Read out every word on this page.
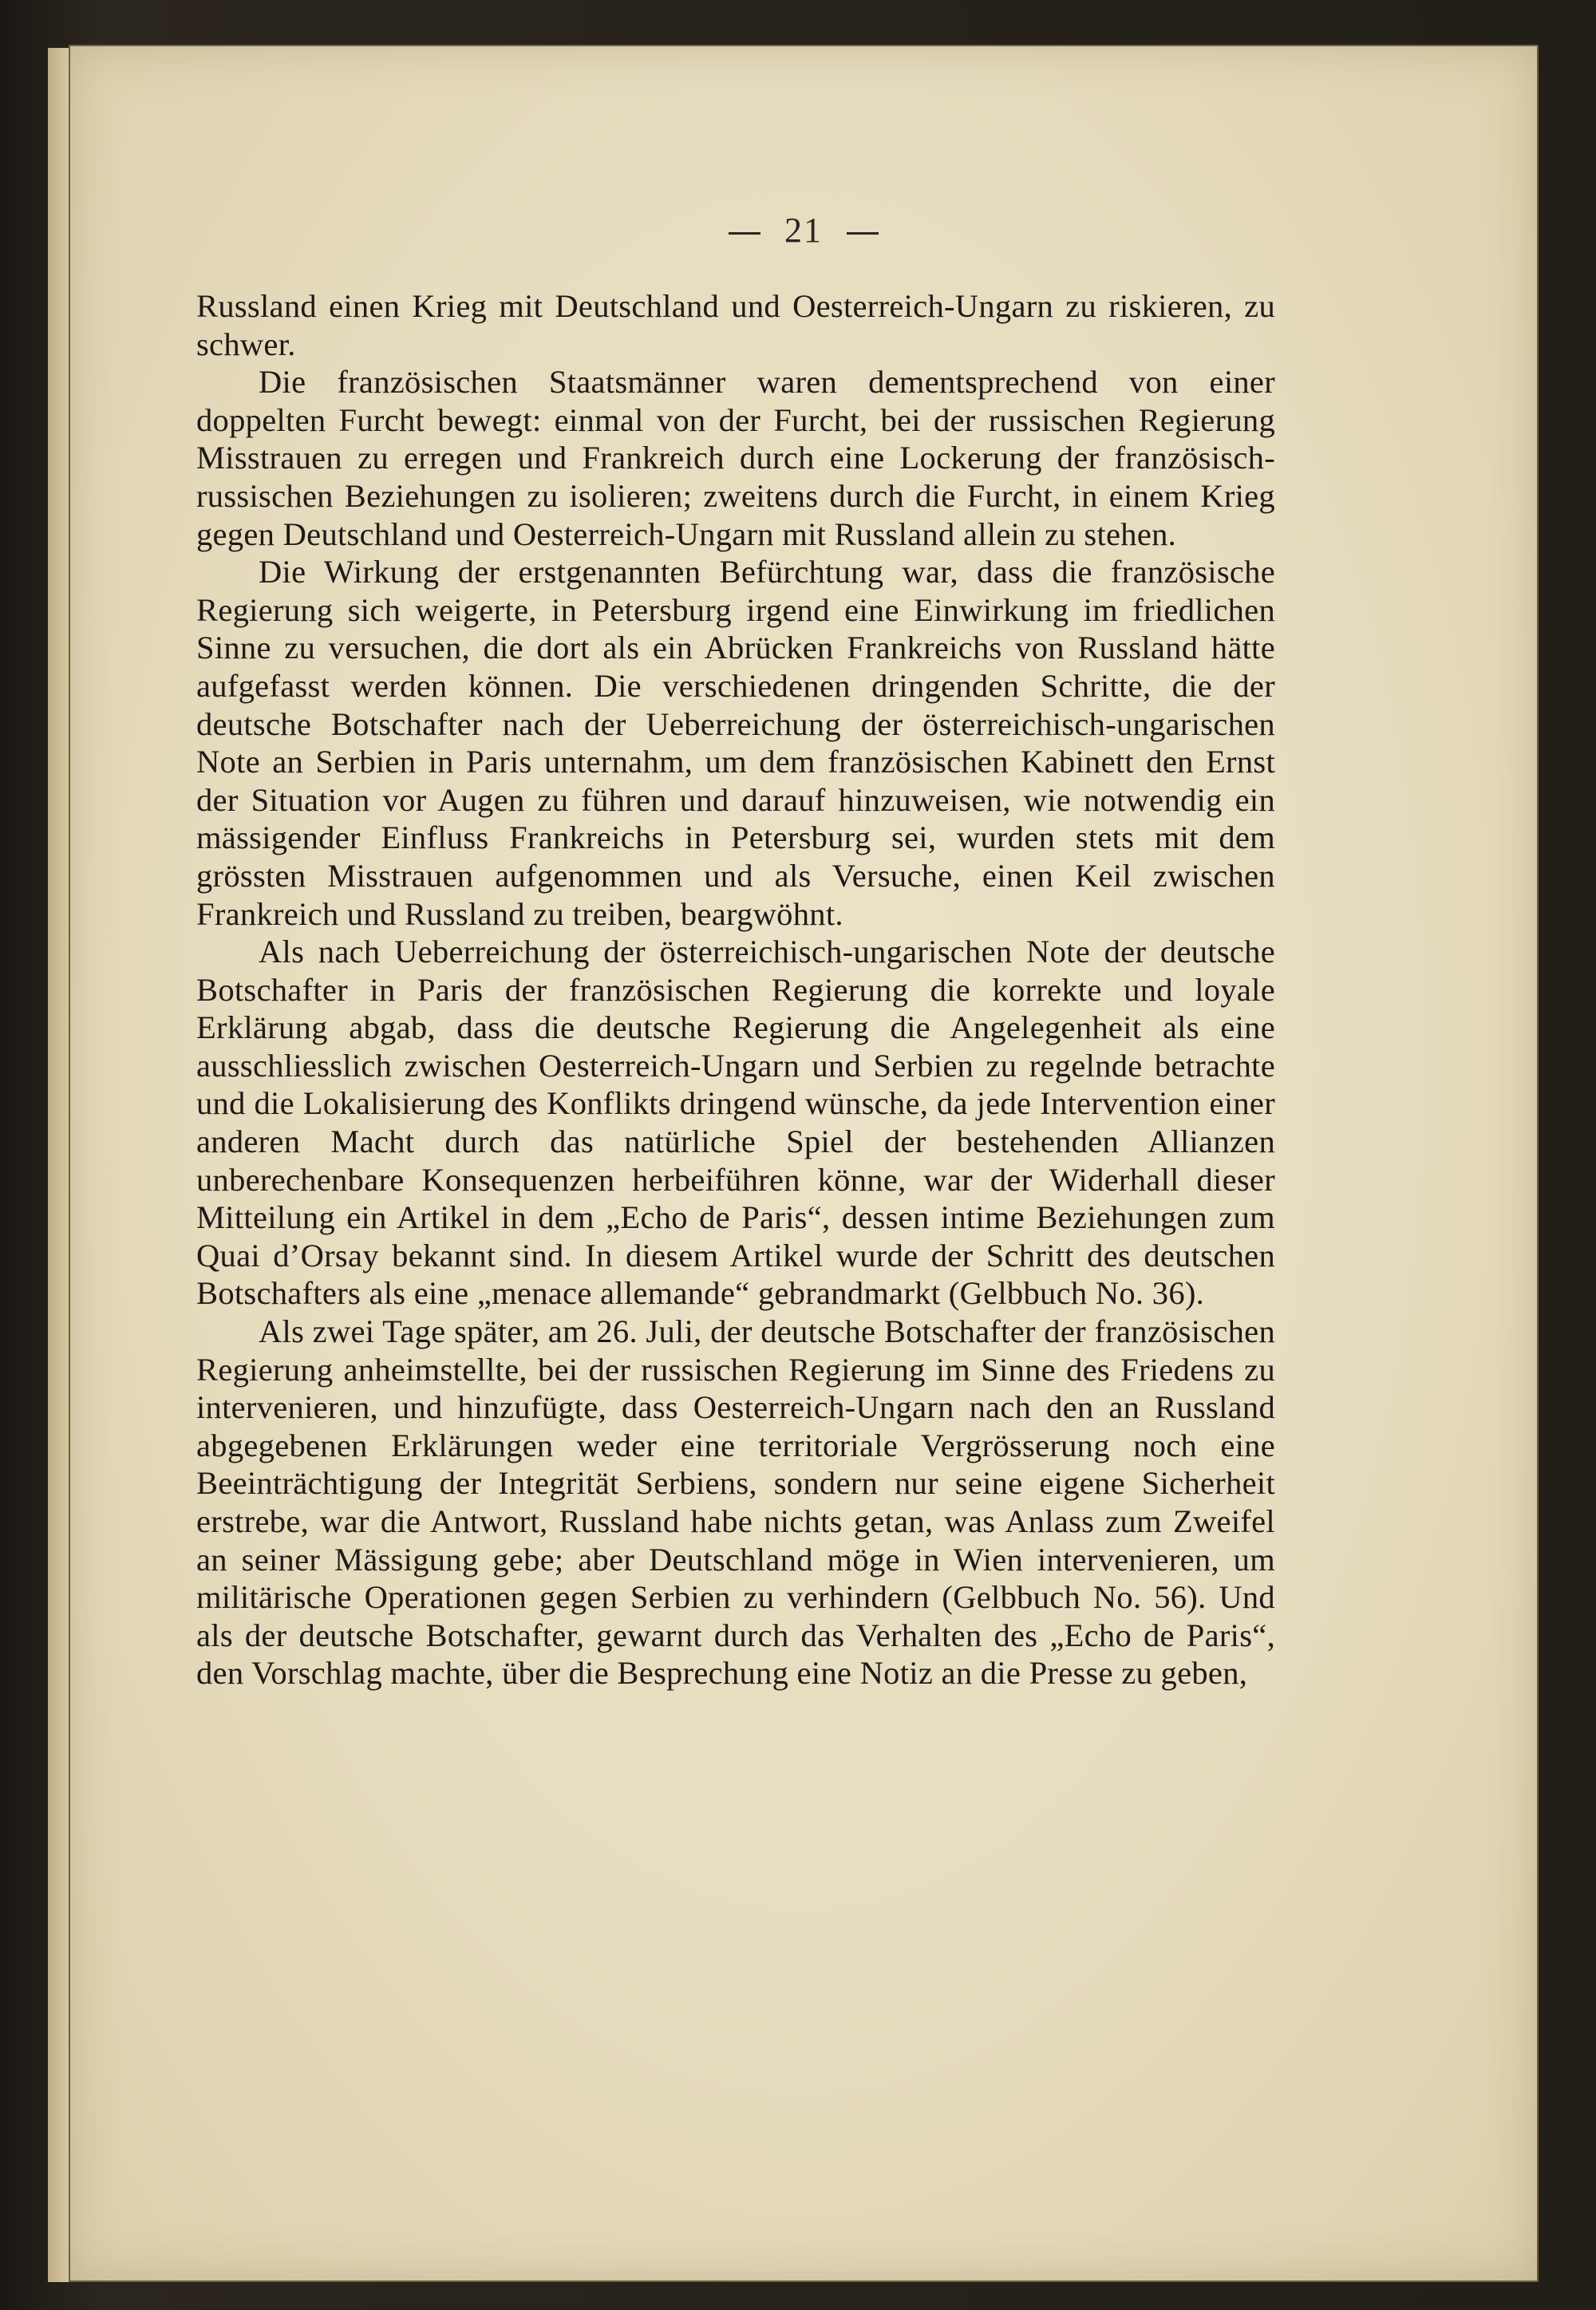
21

Russland einen Krieg mit Deutschland und Oesterreich-Ungarn zu riskieren, zu schwer.

Die französischen Staatsmänner waren dementsprechend von einer doppelten Furcht bewegt: einmal von der Furcht, bei der russischen Regierung Misstrauen zu erregen und Frankreich durch eine Lockerung der französisch-russischen Beziehungen zu isolieren; zweitens durch die Furcht, in einem Krieg gegen Deutschland und Oesterreich-Ungarn mit Russland allein zu stehen.

Die Wirkung der erstgenannten Befürchtung war, dass die französische Regierung sich weigerte, in Petersburg irgend eine Einwirkung im friedlichen Sinne zu versuchen, die dort als ein Abrücken Frankreichs von Russland hätte aufgefasst werden können. Die verschiedenen dringenden Schritte, die der deutsche Botschafter nach der Ueberreichung der österreichisch-ungarischen Note an Serbien in Paris unternahm, um dem französischen Kabinett den Ernst der Situation vor Augen zu führen und darauf hinzuweisen, wie notwendig ein mässigender Einfluss Frankreichs in Petersburg sei, wurden stets mit dem grössten Misstrauen aufgenommen und als Versuche, einen Keil zwischen Frankreich und Russland zu treiben, beargwöhnt.

Als nach Ueberreichung der österreichisch-ungarischen Note der deutsche Botschafter in Paris der französischen Regierung die korrekte und loyale Erklärung abgab, dass die deutsche Regierung die Angelegenheit als eine ausschliesslich zwischen Oesterreich-Ungarn und Serbien zu regelnde betrachte und die Lokalisierung des Konflikts dringend wünsche, da jede Intervention einer anderen Macht durch das natürliche Spiel der bestehenden Allianzen unberechenbare Konsequenzen herbeiführen könne, war der Widerhall dieser Mitteilung ein Artikel in dem „Echo de Paris“, dessen intime Beziehungen zum Quai d’Orsay bekannt sind. In diesem Artikel wurde der Schritt des deutschen Botschafters als eine „menace allemande“ gebrandmarkt (Gelbbuch No. 36).

Als zwei Tage später, am 26. Juli, der deutsche Botschafter der französischen Regierung anheimstellte, bei der russischen Regierung im Sinne des Friedens zu intervenieren, und hinzufügte, dass Oesterreich-Ungarn nach den an Russland abgegebenen Erklärungen weder eine territoriale Vergrösserung noch eine Beeinträchtigung der Integrität Serbiens, sondern nur seine eigene Sicherheit erstrebe, war die Antwort, Russland habe nichts getan, was Anlass zum Zweifel an seiner Mässigung gebe; aber Deutschland möge in Wien intervenieren, um militärische Operationen gegen Serbien zu verhindern (Gelbbuch No. 56). Und als der deutsche Botschafter, gewarnt durch das Verhalten des „Echo de Paris“, den Vorschlag machte, über die Besprechung eine Notiz an die Presse zu geben,
